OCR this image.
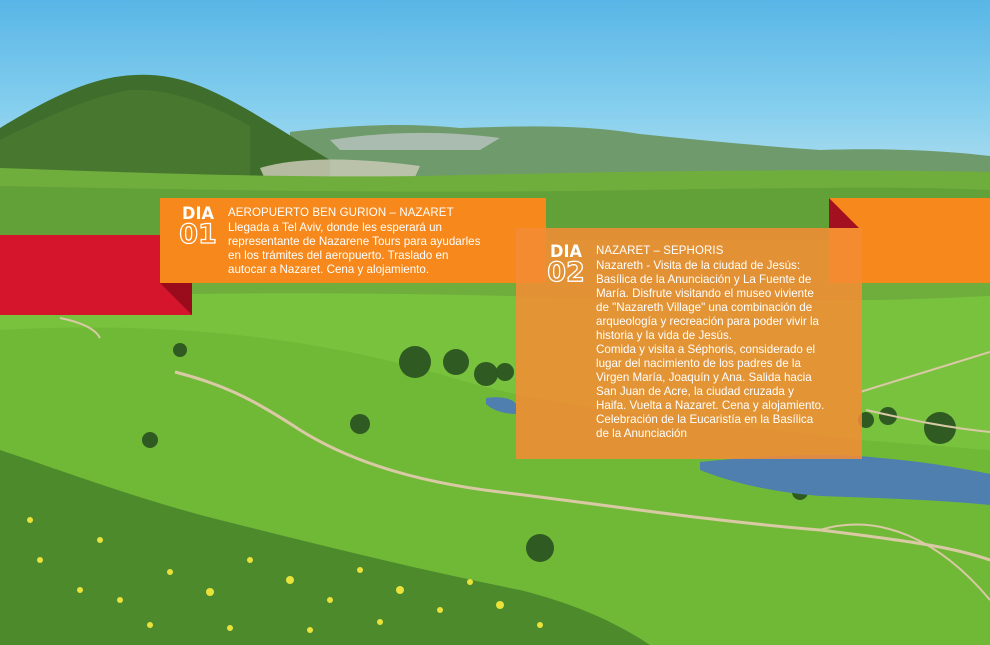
DIA
01
AEROPUERTO BEN GURION – NAZARET
Llegada a Tel Aviv, donde les esperará un
representante de Nazarene Tours para ayudarles
en los trámites del aeropuerto. Traslado en
autocar a Nazaret. Cena y alojamiento.
DIA
02
NAZARET – SEPHORIS
Nazareth - Visita de la ciudad de Jesús:
Basílica de la Anunciación y La Fuente de
María. Disfrute visitando el museo viviente
de "Nazareth Village" una combinación de
arqueología y recreación para poder vivir la
historia y la vida de Jesús.
Comida y visita a Séphoris, considerado el
lugar del nacimiento de los padres de la
Virgen María, Joaquín y Ana. Salida hacia
San Juan de Acre, la ciudad cruzada y
Haifa. Vuelta a Nazaret. Cena y alojamiento.
Celebración de la Eucaristía en la Basílica
de la Anunciación
